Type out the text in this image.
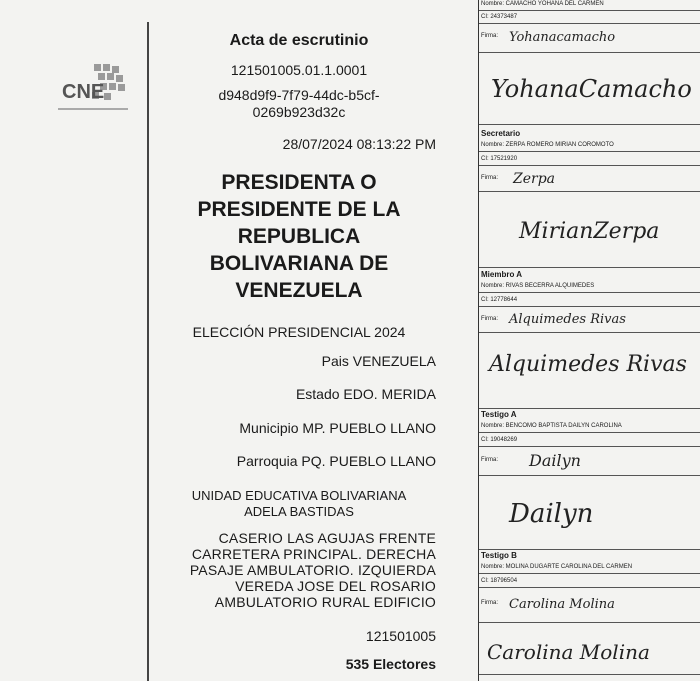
CNE
Acta de escrutinio
121501005.01.1.0001
d948d9f9-7f79-44dc-b5cf-
0269b923d32c
28/07/2024 08:13:22 PM
PRESIDENTA O
PRESIDENTE DE LA
REPUBLICA
BOLIVARIANA DE
VENEZUELA
ELECCIÓN PRESIDENCIAL 2024
Pais VENEZUELA
Estado EDO. MERIDA
Municipio MP. PUEBLO LLANO
Parroquia PQ. PUEBLO LLANO
UNIDAD EDUCATIVA BOLIVARIANA
ADELA BASTIDAS
CASERIO LAS AGUJAS FRENTE
CARRETERA PRINCIPAL. DERECHA
PASAJE AMBULATORIO. IZQUIERDA
VEREDA JOSE DEL ROSARIO
AMBULATORIO RURAL EDIFICIO
121501005
535 Electores
Nombre: CAMACHO YOHANA DEL CARMEN
CI: 24373487
Firma: Yohanacamacho
YohanaCamacho
Secretario
Nombre: ZERPA ROMERO MIRIAN COROMOTO
CI: 17521920
Firma: Zerpa
MirianZerpa
Miembro A
Nombre: RIVAS BECERRA ALQUIMEDES
CI: 12778644
Firma: Alquimedes Rivas
Alquimedes Rivas
Testigo A
Nombre: BENCOMO BAPTISTA DAILYN CAROLINA
CI: 19048269
Firma: Dailyn
Dailyn
Testigo B
Nombre: MOLINA DUGARTE CAROLINA DEL CARMEN
CI: 18796504
Firma: Carolina Molina
Carolina Molina
